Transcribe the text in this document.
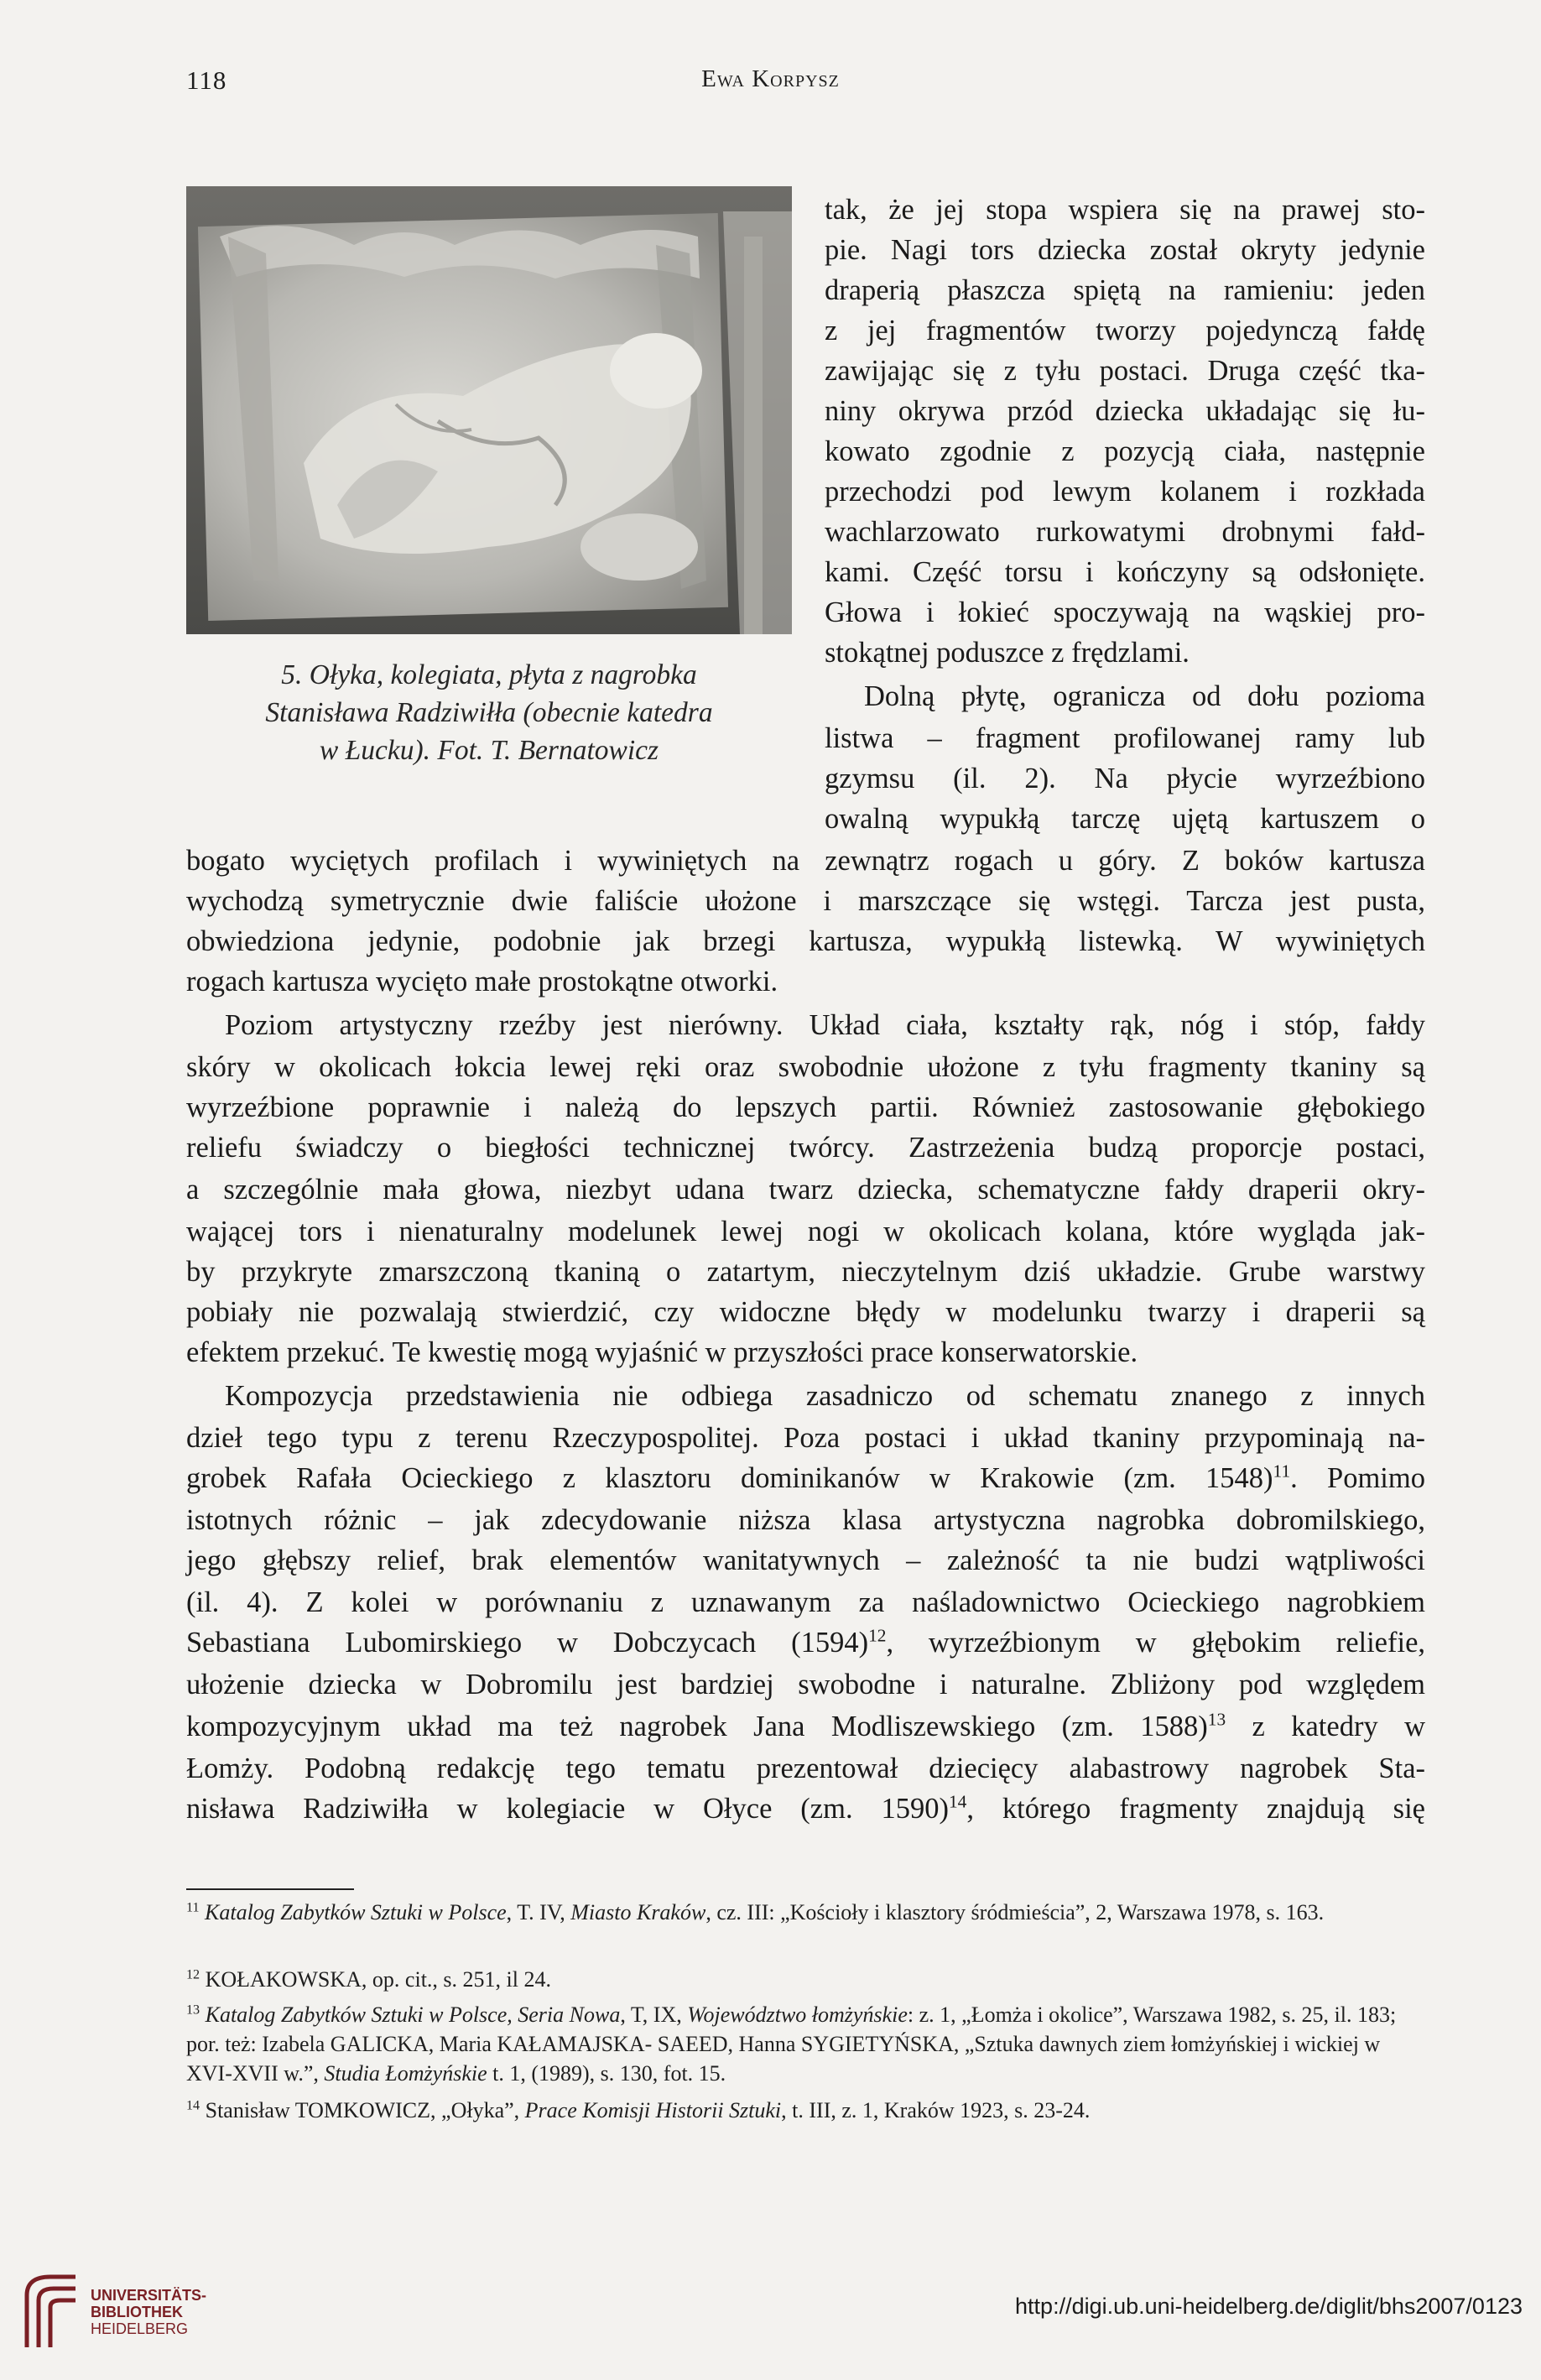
118	Ewa Korpysz
5. Ołyka, kolegiata, płyta z nagrobka
Stanisława Radziwiłła (obecnie katedra
w Łucku). Fot. T. Bernatowicz
tak, że jej stopa wspiera się na prawej sto-
pie. Nagi tors dziecka został okryty jedynie
draperią płaszcza spiętą na ramieniu: jeden
z jej fragmentów tworzy pojedynczą fałdę
zawijając się z tyłu postaci. Druga część tka-
niny okrywa przód dziecka układając się łu-
kowato zgodnie z pozycją ciała, następnie
przechodzi pod lewym kolanem i rozkłada
wachlarzowato rurkowatymi drobnymi fałd-
kami. Część torsu i kończyny są odsłonięte.
Głowa i łokieć spoczywają na wąskiej pro-
stokątnej poduszce z frędzlami.
Dolną płytę, ogranicza od dołu pozioma
listwa – fragment profilowanej ramy lub
gzymsu (il. 2). Na płycie wyrzeźbiono
owalną wypukłą tarczę ujętą kartuszem o
bogato wyciętych profilach i wywiniętych na zewnątrz rogach u góry. Z boków kartusza
wychodzą symetrycznie dwie faliście ułożone i marszczące się wstęgi. Tarcza jest pusta,
obwiedziona jedynie, podobnie jak brzegi kartusza, wypukłą listewką. W wywiniętych
rogach kartusza wycięto małe prostokątne otworki.
Poziom artystyczny rzeźby jest nierówny. Układ ciała, kształty rąk, nóg i stóp, fałdy
skóry w okolicach łokcia lewej ręki oraz swobodnie ułożone z tyłu fragmenty tkaniny są
wyrzeźbione poprawnie i należą do lepszych partii. Również zastosowanie głębokiego
reliefu świadczy o biegłości technicznej twórcy. Zastrzeżenia budzą proporcje postaci,
a szczególnie mała głowa, niezbyt udana twarz dziecka, schematyczne fałdy draperii okry-
wającej tors i nienaturalny modelunek lewej nogi w okolicach kolana, które wygląda jak-
by przykryte zmarszczoną tkaniną o zatartym, nieczytelnym dziś układzie. Grube warstwy
pobiały nie pozwalają stwierdzić, czy widoczne błędy w modelunku twarzy i draperii są
efektem przekuć. Te kwestię mogą wyjaśnić w przyszłości prace konserwatorskie.
Kompozycja przedstawienia nie odbiega zasadniczo od schematu znanego z innych
dzieł tego typu z terenu Rzeczypospolitej. Poza postaci i układ tkaniny przypominają na-
grobek Rafała Ocieckiego z klasztoru dominikanów w Krakowie (zm. 1548)$^{11}$. Pomimo
istotnych różnic – jak zdecydowanie niższa klasa artystyczna nagrobka dobromilskiego,
jego głębszy relief, brak elementów wanitatywnych – zależność ta nie budzi wątpliwości
(il. 4). Z kolei w porównaniu z uznawanym za naśladownictwo Ocieckiego nagrobkiem
Sebastiana Lubomirskiego w Dobczycach $(1594)^{12}$, wyrzeźbionym w głębokim reliefie,
ułożenie dziecka w Dobromilu jest bardziej swobodne i naturalne. Zbliżony pod względem
kompozycyjnym układ ma też nagrobek Jana Modliszewskiego (zm. 1588)$^{13}$ z katedry w
Łomży. Podobną redakcję tego tematu prezentował dziecięcy alabastrowy nagrobek Sta-
nisława Radziwiłła w kolegiacie w Ołyce (zm. 1590)$^{14}$, którego fragmenty znajdują się
$^{11}$ Katalog Zabytków Sztuki w Polsce, T. IV, Miasto Kraków, cz. III: „Kościoły i klasztory śródmieścia”, 2, Warszawa 1978, s. 163.
$^{12}$ KOŁAKOWSKA, op. cit., s. 251, il 24.
$^{13}$ Katalog Zabytków Sztuki w Polsce, Seria Nowa, T, IX, Województwo łomżyńskie: z. 1, „Łomża i okolice”, Warszawa 1982, s. 25, il. 183; por. też: Izabela GALICKA, Maria KAŁAMAJSKA- SAEED, Hanna SYGIETYŃSKA, „Sztuka dawnych ziem łomżyńskiej i wickiej w XVI-XVII w.”, Studia Łomżyńskie t. 1, (1989), s. 130, fot. 15.
$^{14}$ Stanisław TOMKOWICZ, „Ołyka”, Prace Komisji Historii Sztuki, t. III, z. 1, Kraków 1923, s. 23-24.
UNIVERSITÄTS-
BIBLIOTHEK
HEIDELBERG
http://digi.ub.uni-heidelberg.de/diglit/bhs2007/0123
